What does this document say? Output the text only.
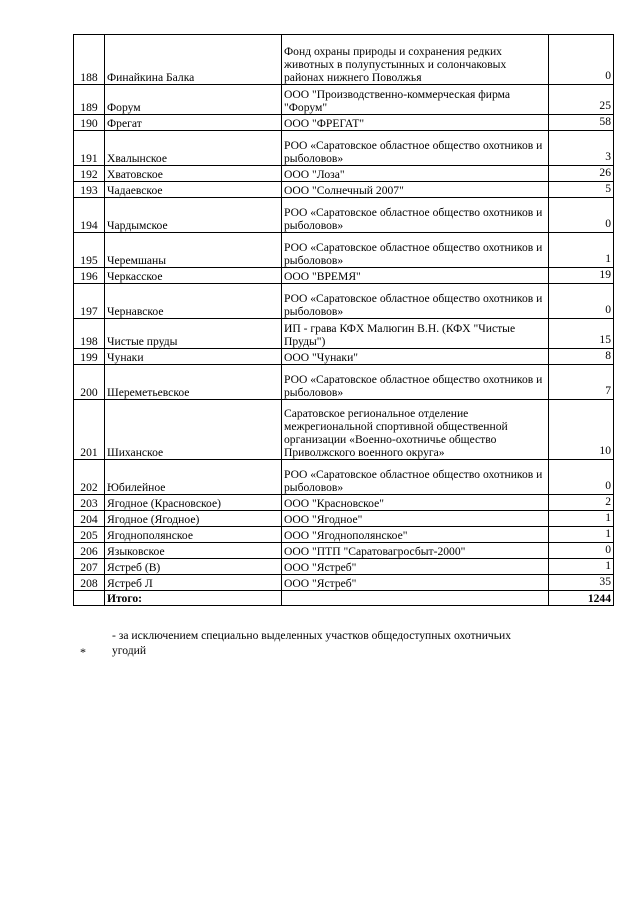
188	Финайкина Балка	Фонд охраны природы и сохранения редких животных в полупустынных и солончаковых районах нижнего Поволжья	0
189	Форум	ООО "Производственно-коммерческая фирма "Форум"	25
190	Фрегат	ООО "ФРЕГАТ"	58
191	Хвалынское	РОО «Саратовское областное общество охотников и рыболовов»	3
192	Хватовское	ООО "Лоза"	26
193	Чадаевское	ООО "Солнечный 2007"	5
194	Чардымское	РОО «Саратовское областное общество охотников и рыболовов»	0
195	Черемшаны	РОО «Саратовское областное общество охотников и рыболовов»	1
196	Черкасское	ООО "ВРЕМЯ"	19
197	Чернавское	РОО «Саратовское областное общество охотников и рыболовов»	0
198	Чистые пруды	ИП - грава КФХ Малюгин В.Н. (КФХ "Чистые Пруды")	15
199	Чунаки	ООО "Чунаки"	8
200	Шереметьевское	РОО «Саратовское областное общество охотников и рыболовов»	7
201	Шиханское	Саратовское региональное отделение межрегиональной спортивной общественной организации «Военно-охотничье общество Приволжского военного округа»	10
202	Юбилейное	РОО «Саратовское областное общество охотников и рыболовов»	0
203	Ягодное (Красновское)	ООО "Красновское"	2
204	Ягодное (Ягодное)	ООО "Ягодное"	1
205	Ягоднополянское	ООО "Ягоднополянское"	1
206	Языковское	ООО "ПТП "Саратовагросбыт-2000"	0
207	Ястреб (В)	ООО "Ястреб"	1
208	Ястреб Л	ООО "Ястреб"	35
	Итого:		1244
- за исключением специально выделенных участков общедоступных охотничьих угодий
*
